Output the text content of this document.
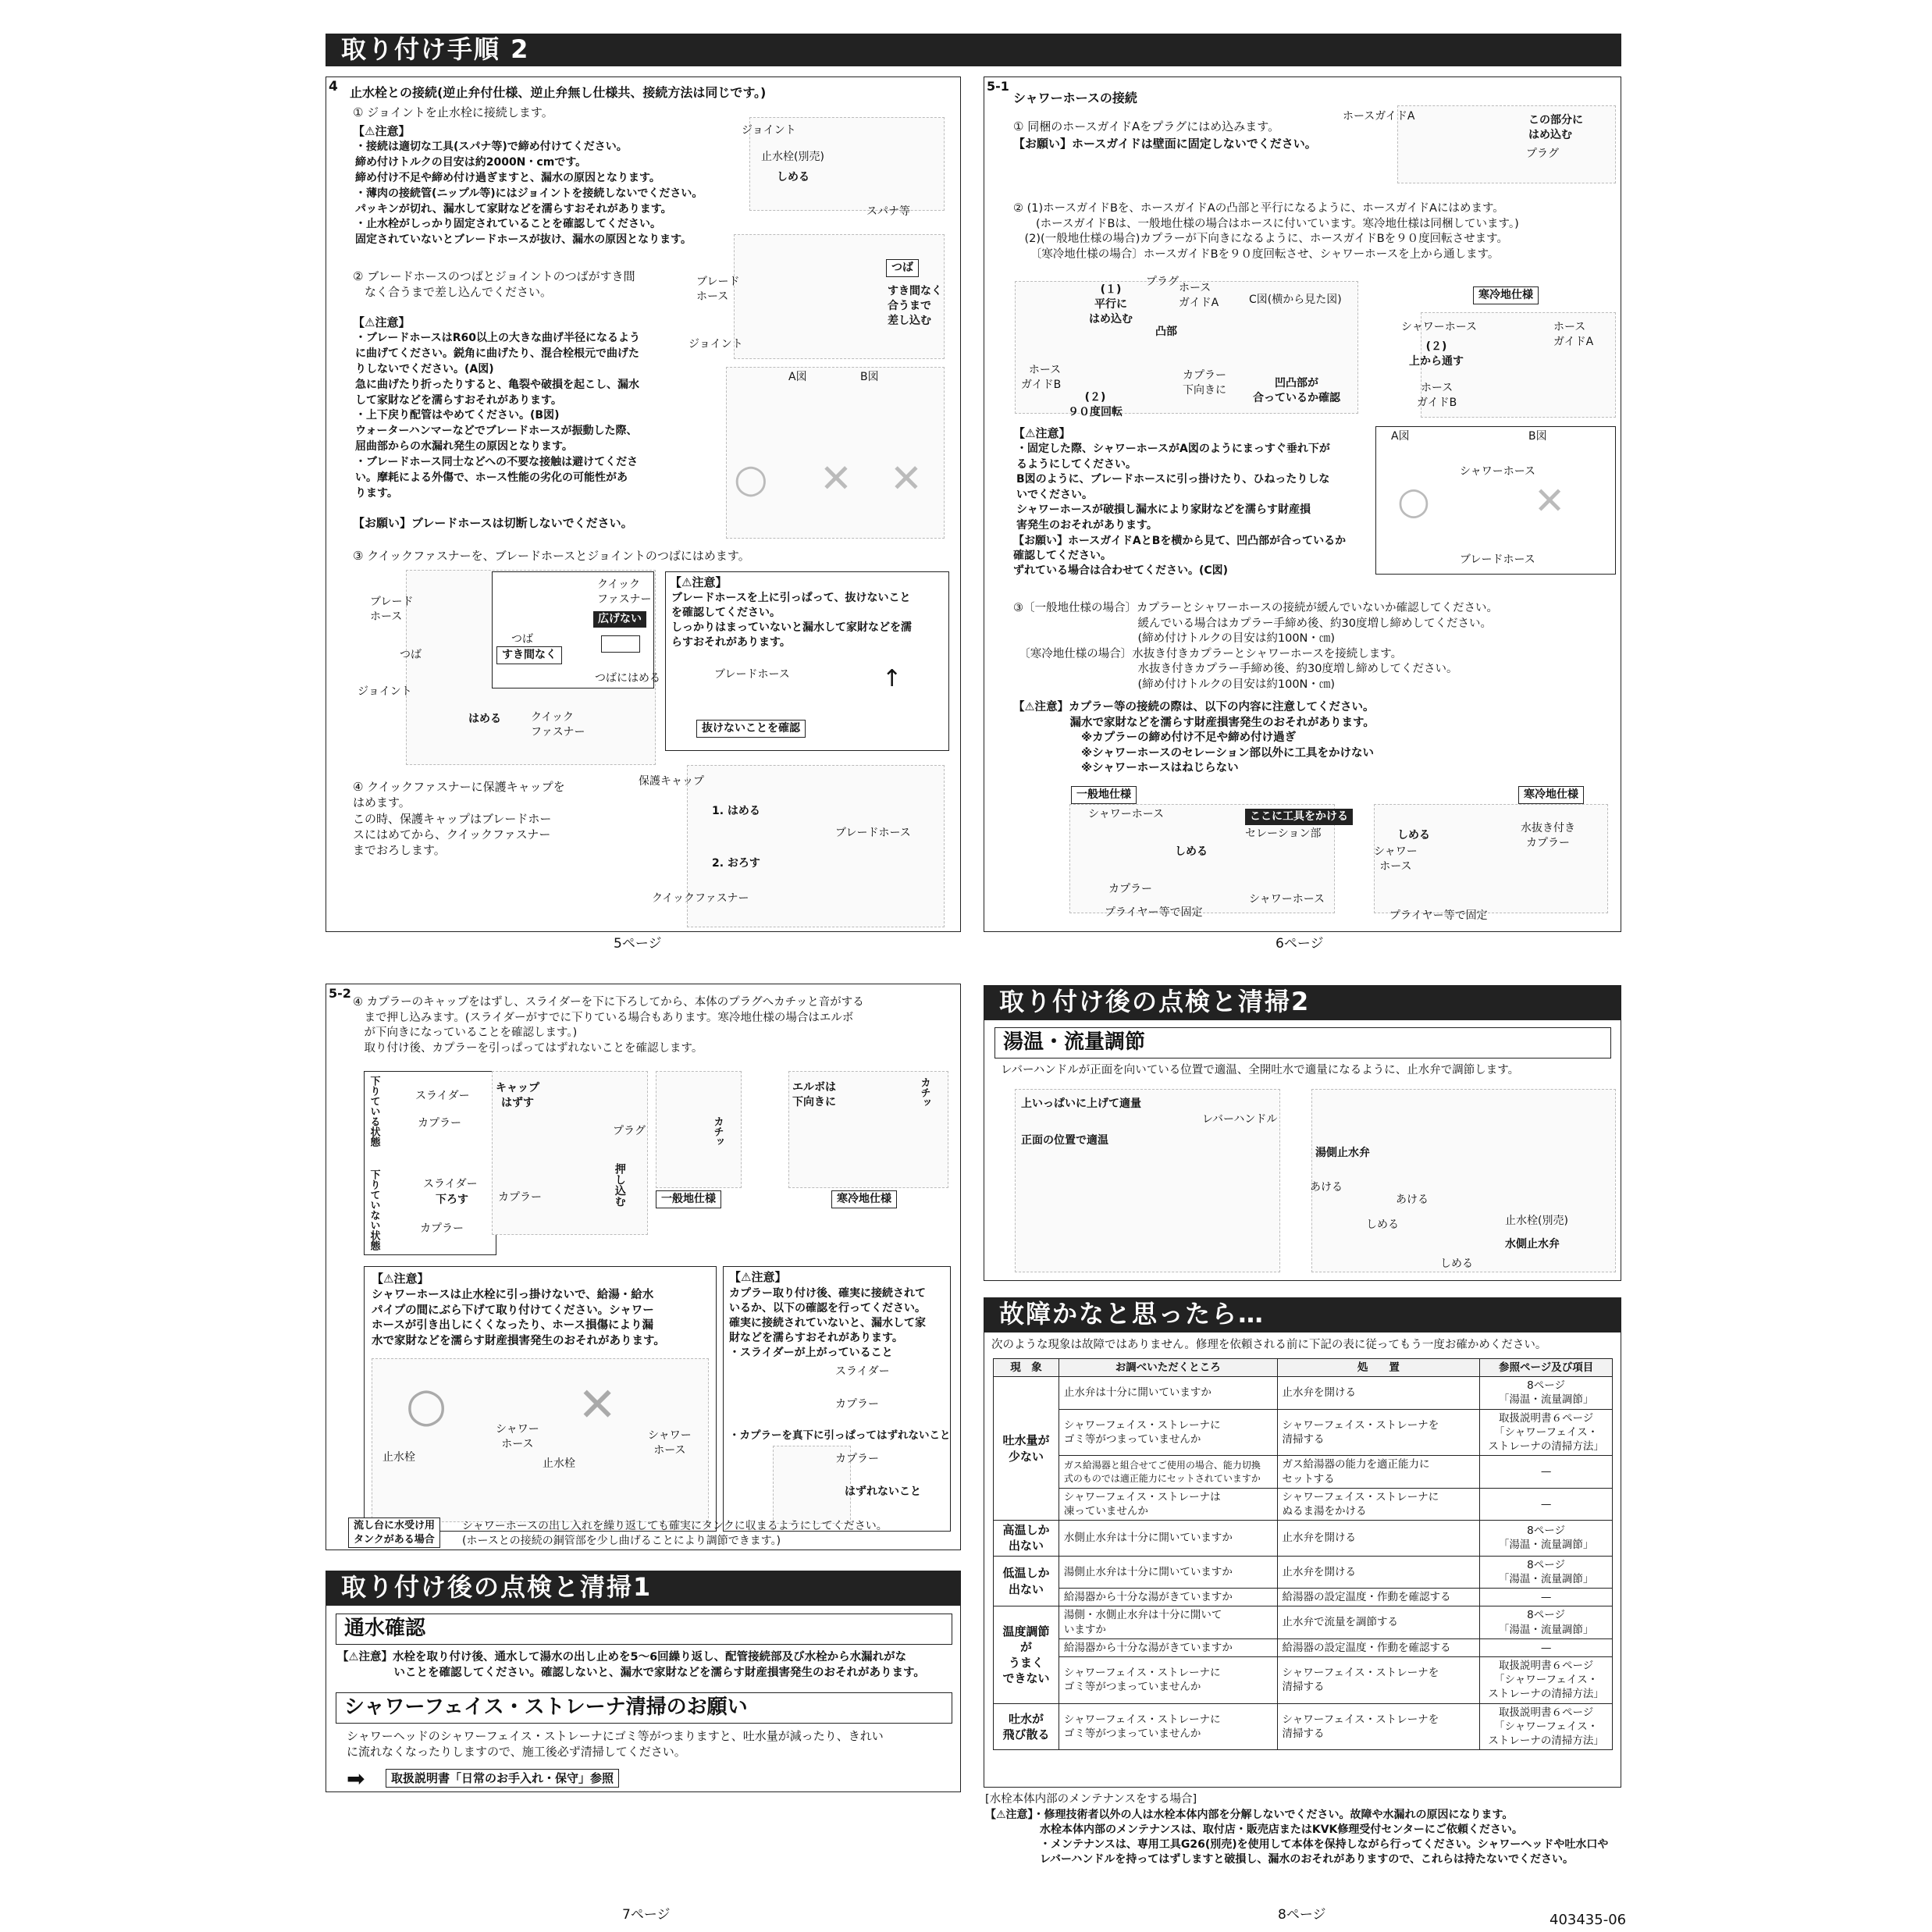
取り付け手順 2
4 止水栓との接続(逆止弁付仕様、逆止弁無し仕様共、接続方法は同じです。)
① ジョイントを止水栓に接続します。
【⚠注意】
・接続は適切な工具(スパナ等)で締め付けてください。
締め付けトルクの目安は約2000N・cmです。
締め付け不足や締め付け過ぎますと、漏水の原因となります。
・薄肉の接続管(ニップル等)にはジョイントを接続しないでください。
パッキンが切れ、漏水して家財などを濡らすおそれがあります。
・止水栓がしっかり固定されていることを確認してください。
固定されていないとブレードホースが抜け、漏水の原因となります。
ジョイント
止水栓(別売)
しめる
スパナ等
② ブレードホースのつばとジョイントのつばがすき間
　なく合うまで差し込んでください。
ブレード
ホース
ジョイント
つば
すき間なく
合うまで
差し込む
【⚠注意】
・ブレードホースはR60以上の大きな曲げ半径になるよう
に曲げてください。鋭角に曲げたり、混合栓根元で曲げた
りしないでください。(A図)
急に曲げたり折ったりすると、亀裂や破損を起こし、漏水
して家財などを濡らすおそれがあります。
・上下戻り配管はやめてください。(B図)
ウォーターハンマーなどでブレードホースが振動した際、
屈曲部からの水漏れ発生の原因となります。
・ブレードホース同士などへの不要な接触は避けてくださ
い。摩耗による外傷で、ホース性能の劣化の可能性があ
ります。
A図	B図
○ ✕ ✕
【お願い】ブレードホースは切断しないでください。
③ クイックファスナーを、ブレードホースとジョイントのつばにはめます。
ブレード
ホース
つば
つば
すき間なく
ジョイント
はめる	クイック
ファスナー
クイック
ファスナー
広げない
つばにはめる
【⚠注意】
ブレードホースを上に引っぱって、抜けないこと
を確認してください。
しっかりはまっていないと漏水して家財などを濡
らすおそれがあります。
ブレードホース
抜けないことを確認
↑
④ クイックファスナーに保護キャップを
はめます。
この時、保護キャップはブレードホー
スにはめてから、クイックファスナー
までおろします。
保護キャップ
1. はめる
ブレードホース
2. おろす
クイックファスナー
5ページ
5-1
シャワーホースの接続
① 同梱のホースガイドAをプラグにはめ込みます。
【お願い】ホースガイドは壁面に固定しないでください。
ホースガイドA	この部分に
はめ込む
プラグ
② (1)ホースガイドBを、ホースガイドAの凸部と平行になるように、ホースガイドAにはめます。
　　(ホースガイドBは、一般地仕様の場合はホースに付いています。寒冷地仕様は同梱しています。)
　(2)(一般地仕様の場合)カプラーが下向きになるように、ホースガイドBを９０度回転させます。
　　〔寒冷地仕様の場合〕ホースガイドBを９０度回転させ、シャワーホースを上から通します。
(１)
平行に
はめ込む
プラグ ホース
ガイドA
凸部
C図(横から見た図)
ホース
ガイドB
(２)
９０度回転
カプラー
下向きに
凹凸部が
合っているか確認
寒冷地仕様
シャワーホース
(２)
上から通す
ホース
ガイドA
ホース
ガイドB
【⚠注意】
・固定した際、シャワーホースがA図のようにまっすぐ垂れ下が
るようにしてください。
B図のように、ブレードホースに引っ掛けたり、ひねったりしな
いでください。
シャワーホースが破損し漏水により家財などを濡らす財産損
害発生のおそれがあります。
【お願い】ホースガイドAとBを横から見て、凹凸部が合っているか
確認してください。
ずれている場合は合わせてください。(C図)
A図	B図
シャワーホース
ブレードホース
○	✕
③〔一般地仕様の場合〕カプラーとシャワーホースの接続が緩んでいないか確認してください。
　　　　　　　　　　　緩んでいる場合はカプラー手締め後、約30度増し締めしてください。
　　　　　　　　　　　(締め付けトルクの目安は約100N・㎝)
　〔寒冷地仕様の場合〕水抜き付きカプラーとシャワーホースを接続します。
　　　　　　　　　　　水抜き付きカプラー手締め後、約30度増し締めしてください。
　　　　　　　　　　　(締め付けトルクの目安は約100N・㎝)
【⚠注意】カプラー等の接続の際は、以下の内容に注意してください。
　　　　　漏水で家財などを濡らす財産損害発生のおそれがあります。
　　　　　　※カプラーの締め付け不足や締め付け過ぎ
　　　　　　※シャワーホースのセレーション部以外に工具をかけない
　　　　　　※シャワーホースはねじらない
一般地仕様
シャワーホース	ここに工具をかける
セレーション部
しめる
カプラー
シャワーホース
プライヤー等で固定
寒冷地仕様
水抜き付き
カプラー
しめる
シャワー
ホース
プライヤー等で固定
6ページ
5-2
④ カプラーのキャップをはずし、スライダーを下に下ろしてから、本体のプラグへカチッと音がする
　まで押し込みます。(スライダーがすでに下りている場合もあります。寒冷地仕様の場合はエルボ
　が下向きになっていることを確認します。)
　取り付け後、カプラーを引っぱってはずれないことを確認します。
下りている状態
下りていない状態
スライダー
カプラー
スライダー
下ろす
カプラー
キャップ
はずす
プラグ
押し込む
カプラー
カチッ
一般地仕様
エルボは
下向きに	カチッ
寒冷地仕様
【⚠注意】
シャワーホースは止水栓に引っ掛けないで、給湯・給水
パイプの間にぶら下げて取り付けてください。シャワー
ホースが引き出しにくくなったり、ホース損傷により漏
水で家財などを濡らす財産損害発生のおそれがあります。
○	✕
シャワー
ホース
止水栓
シャワー
ホース
止水栓
【⚠注意】
カプラー取り付け後、確実に接続されて
いるか、以下の確認を行ってください。
確実に接続されていないと、漏水して家
財などを濡らすおそれがあります。
・スライダーが上がっていること
スライダー
カプラー
・カプラーを真下に引っぱってはずれないこと
カプラー
はずれないこと
流し台に水受け用
タンクがある場合
シャワーホースの出し入れを繰り返しても確実にタンクに収まるようにしてください。
(ホースとの接続の銅管部を少し曲げることにより調節できます。)
取り付け後の点検と清掃1
通水確認
【⚠注意】水栓を取り付け後、通水して湯水の出し止めを5～6回繰り返し、配管接続部及び水栓から水漏れがな
　　　　　いことを確認してください。確認しないと、漏水で家財などを濡らす財産損害発生のおそれがあります。
シャワーフェイス・ストレーナ清掃のお願い
シャワーヘッドのシャワーフェイス・ストレーナにゴミ等がつまりますと、吐水量が減ったり、きれい
に流れなくなったりしますので、施工後必ず清掃してください。
➡	取扱説明書「日常のお手入れ・保守」参照
7ページ
取り付け後の点検と清掃2
湯温・流量調節
レバーハンドルが正面を向いている位置で適温、全開吐水で適量になるように、止水弁で調節します。
上いっぱいに上げて適量
正面の位置で適温
レバーハンドル
湯側止水弁
あける
あける
しめる	止水栓(別売)
水側止水弁
しめる
故障かなと思ったら…
次のような現象は故障ではありません。修理を依頼される前に下記の表に従ってもう一度お確かめください。
現　象	お調べいただくところ	処　　置	参照ページ及び項目
吐水量が
少ない	止水弁は十分に開いていますか	止水弁を開ける	8ページ
「湯温・流量調節」
	シャワーフェイス・ストレーナに
ゴミ等がつまっていませんか	シャワーフェイス・ストレーナを
清掃する	取扱説明書６ページ
「シャワーフェイス・
ストレーナの清掃方法」
	ガス給湯器と組合せてご使用の場合、能力切換
式のものでは適正能力にセットされていますか	ガス給湯器の能力を適正能力に
セットする	—
	シャワーフェイス・ストレーナは
凍っていませんか	シャワーフェイス・ストレーナに
ぬるま湯をかける	—
高温しか
出ない	水側止水弁は十分に開いていますか	止水弁を開ける	8ページ
「湯温・流量調節」
低温しか
出ない	湯側止水弁は十分に開いていますか	止水弁を開ける	8ページ
「湯温・流量調節」
	給湯器から十分な湯がきていますか	給湯器の設定温度・作動を確認する	—
温度調節が
うまく
できない	湯側・水側止水弁は十分に開いて
いますか	止水弁で流量を調節する	8ページ
「湯温・流量調節」
	給湯器から十分な湯がきていますか	給湯器の設定温度・作動を確認する	—
	シャワーフェイス・ストレーナに
ゴミ等がつまっていませんか	シャワーフェイス・ストレーナを
清掃する	取扱説明書６ページ
「シャワーフェイス・
ストレーナの清掃方法」
吐水が
飛び散る	シャワーフェイス・ストレーナに
ゴミ等がつまっていませんか	シャワーフェイス・ストレーナを
清掃する	取扱説明書６ページ
「シャワーフェイス・
ストレーナの清掃方法」
[水栓本体内部のメンテナンスをする場合]
【⚠注意】・修理技術者以外の人は水栓本体内部を分解しないでください。故障や水漏れの原因になります。
　　　　　水栓本体内部のメンテナンスは、取付店・販売店またはKVK修理受付センターにご依頼ください。
　　　　　・メンテナンスは、専用工具G26(別売)を使用して本体を保持しながら行ってください。シャワーヘッドや吐水口や
　　　　　レバーハンドルを持ってはずしますと破損し、漏水のおそれがありますので、これらは持たないでください。
8ページ	403435-06
